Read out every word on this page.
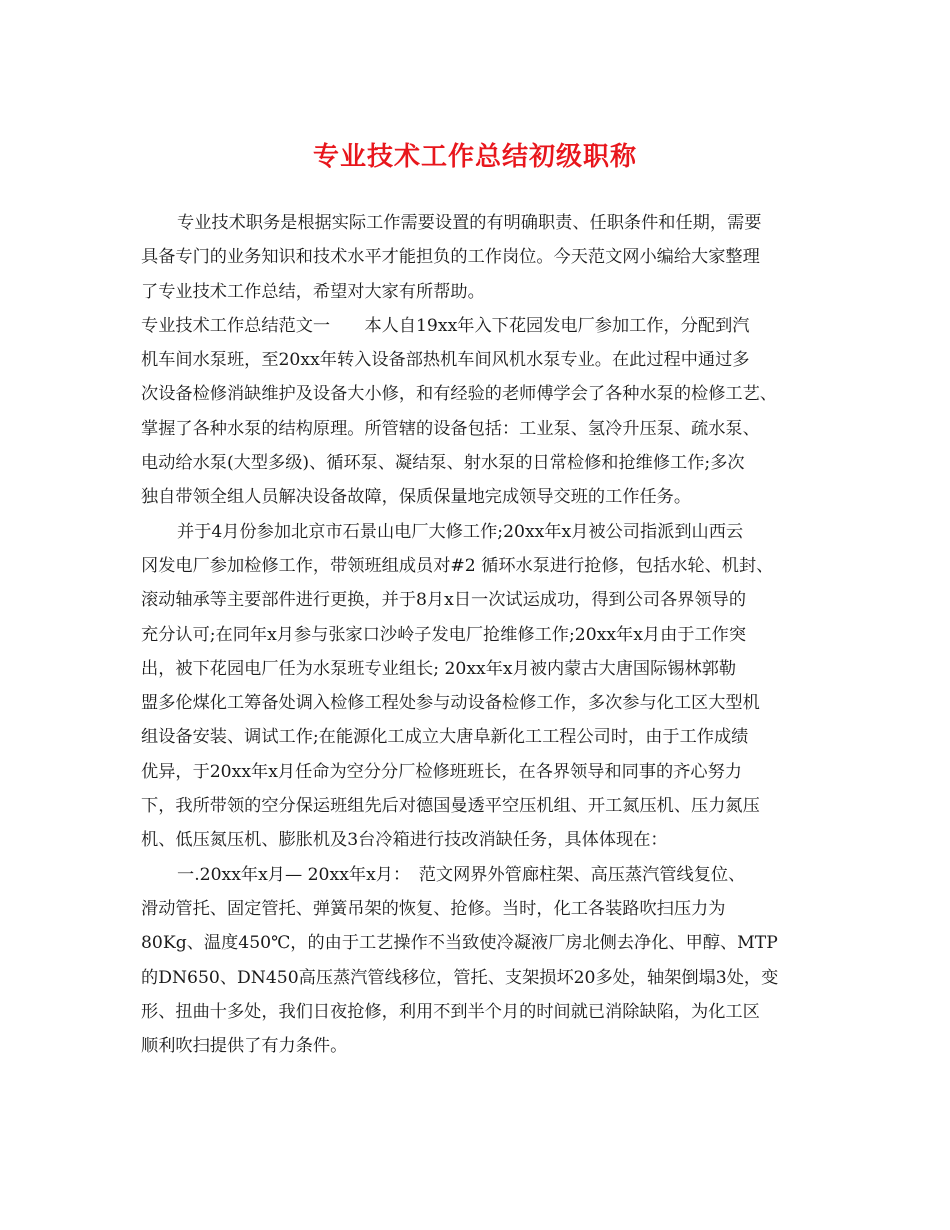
专业技术工作总结初级职称
专业技术职务是根据实际工作需要设置的有明确职责、任职条件和任期，需要
具备专门的业务知识和技术水平才能担负的工作岗位。今天范文网小编给大家整理
了专业技术工作总结，希望对大家有所帮助。
专业技术工作总结范文一　　本人自19xx年入下花园发电厂参加工作，分配到汽
机车间水泵班，至20xx年转入设备部热机车间风机水泵专业。在此过程中通过多
次设备检修消缺维护及设备大小修，和有经验的老师傅学会了各种水泵的检修工艺、
掌握了各种水泵的结构原理。所管辖的设备包括：工业泵、氢冷升压泵、疏水泵、
电动给水泵(大型多级)、循环泵、凝结泵、射水泵的日常检修和抢维修工作;多次
独自带领全组人员解决设备故障，保质保量地完成领导交班的工作任务。
并于4月份参加北京市石景山电厂大修工作;20xx年x月被公司指派到山西云
冈发电厂参加检修工作，带领班组成员对#2 循环水泵进行抢修，包括水轮、机封、
滚动轴承等主要部件进行更换，并于8月x日一次试运成功，得到公司各界领导的
充分认可;在同年x月参与张家口沙岭子发电厂抢维修工作;20xx年x月由于工作突
出，被下花园电厂任为水泵班专业组长; 20xx年x月被内蒙古大唐国际锡林郭勒
盟多伦煤化工筹备处调入检修工程处参与动设备检修工作，多次参与化工区大型机
组设备安装、调试工作;在能源化工成立大唐阜新化工工程公司时，由于工作成绩
优异，于20xx年x月任命为空分分厂检修班班长，在各界领导和同事的齐心努力
下，我所带领的空分保运班组先后对德国曼透平空压机组、开工氮压机、压力氮压
机、低压氮压机、膨胀机及3台冷箱进行技改消缺任务，具体体现在：
一.20xx年x月— 20xx年x月：　范文网界外管廊柱架、高压蒸汽管线复位、
滑动管托、固定管托、弹簧吊架的恢复、抢修。当时，化工各装路吹扫压力为
80Kg、温度450℃，的由于工艺操作不当致使冷凝液厂房北侧去净化、甲醇、MTP
的DN650、DN450高压蒸汽管线移位，管托、支架损坏20多处，轴架倒塌3处，变
形、扭曲十多处，我们日夜抢修，利用不到半个月的时间就已消除缺陷，为化工区
顺利吹扫提供了有力条件。
